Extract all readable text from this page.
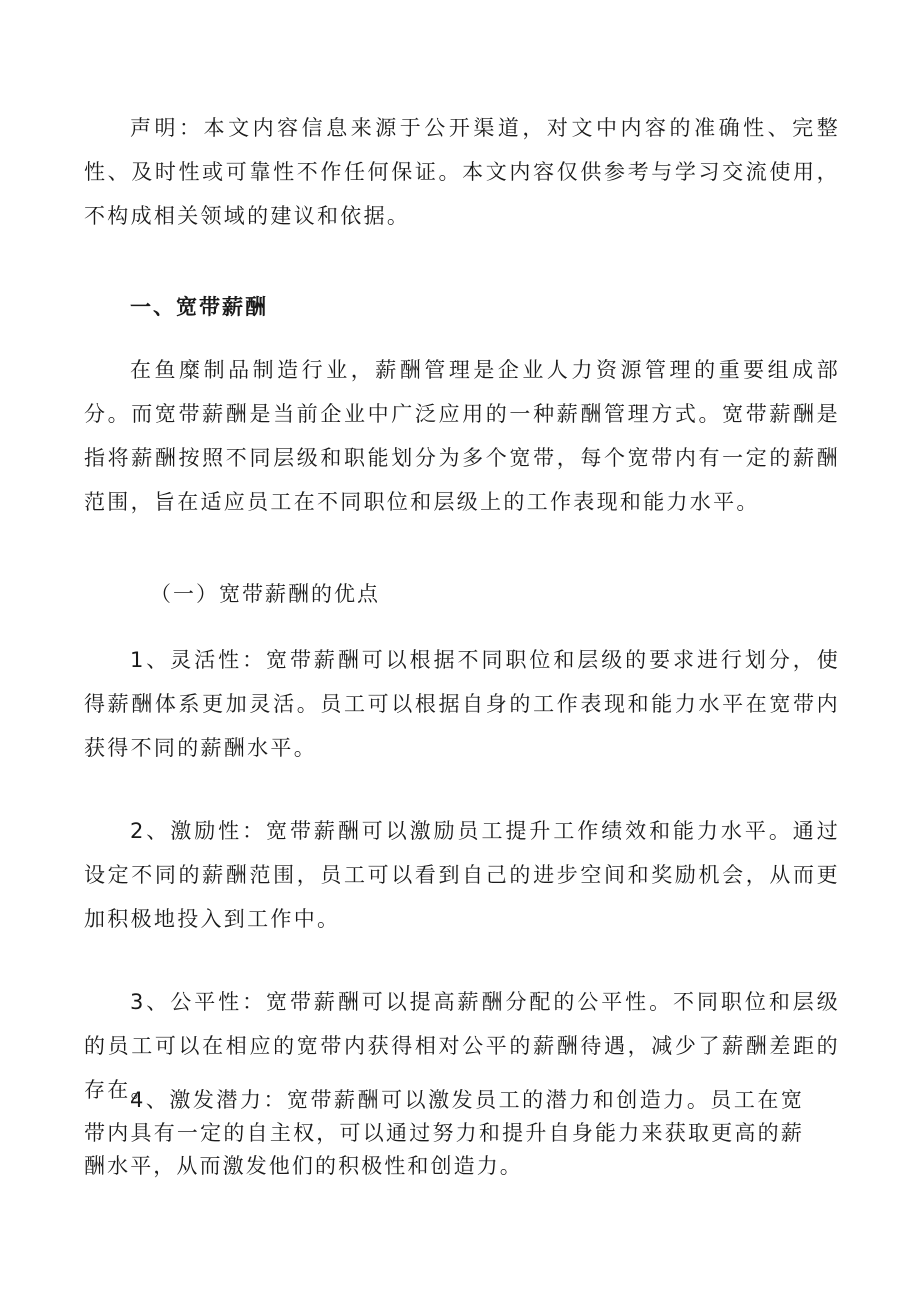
声明：本文内容信息来源于公开渠道，对文中内容的准确性、完整性、及时性或可靠性不作任何保证。本文内容仅供参考与学习交流使用，不构成相关领域的建议和依据。

一、宽带薪酬

在鱼糜制品制造行业，薪酬管理是企业人力资源管理的重要组成部分。而宽带薪酬是当前企业中广泛应用的一种薪酬管理方式。宽带薪酬是指将薪酬按照不同层级和职能划分为多个宽带，每个宽带内有一定的薪酬范围，旨在适应员工在不同职位和层级上的工作表现和能力水平。

（一）宽带薪酬的优点

1、灵活性：宽带薪酬可以根据不同职位和层级的要求进行划分，使得薪酬体系更加灵活。员工可以根据自身的工作表现和能力水平在宽带内获得不同的薪酬水平。

2、激励性：宽带薪酬可以激励员工提升工作绩效和能力水平。通过设定不同的薪酬范围，员工可以看到自己的进步空间和奖励机会，从而更加积极地投入到工作中。

3、公平性：宽带薪酬可以提高薪酬分配的公平性。不同职位和层级的员工可以在相应的宽带内获得相对公平的薪酬待遇，减少了薪酬差距的存在。

4、激发潜力：宽带薪酬可以激发员工的潜力和创造力。员工在宽带内具有一定的自主权，可以通过努力和提升自身能力来获取更高的薪酬水平，从而激发他们的积极性和创造力。
